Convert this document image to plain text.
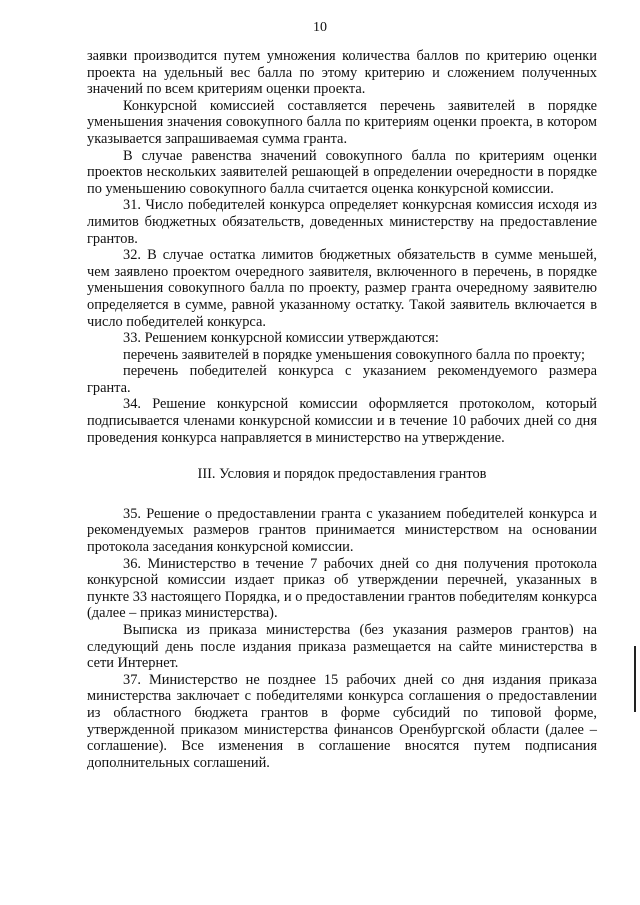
10

заявки производится путем умножения количества баллов по критерию оценки проекта на удельный вес балла по этому критерию и сложением полученных значений по всем критериям оценки проекта.

Конкурсной комиссией составляется перечень заявителей в порядке уменьшения значения совокупного балла по критериям оценки проекта, в котором указывается запрашиваемая сумма гранта.

В случае равенства значений совокупного балла по критериям оценки проектов нескольких заявителей решающей в определении очередности в порядке по уменьшению совокупного балла считается оценка конкурсной комиссии.

31. Число победителей конкурса определяет конкурсная комиссия исходя из лимитов бюджетных обязательств, доведенных министерству на предоставление грантов.

32. В случае остатка лимитов бюджетных обязательств в сумме меньшей, чем заявлено проектом очередного заявителя, включенного в перечень, в порядке уменьшения совокупного балла по проекту, размер гранта очередному заявителю определяется в сумме, равной указанному остатку. Такой заявитель включается в число победителей конкурса.

33. Решением конкурсной комиссии утверждаются:

перечень заявителей в порядке уменьшения совокупного балла по проекту;

перечень победителей конкурса с указанием рекомендуемого размера гранта.

34. Решение конкурсной комиссии оформляется протоколом, который подписывается членами конкурсной комиссии и в течение 10 рабочих дней со дня проведения конкурса направляется в министерство на утверждение.

III. Условия и порядок предоставления грантов

35. Решение о предоставлении гранта с указанием победителей конкурса и рекомендуемых размеров грантов принимается министерством на основании протокола заседания конкурсной комиссии.

36. Министерство в течение 7 рабочих дней со дня получения протокола конкурсной комиссии издает приказ об утверждении перечней, указанных в пункте 33 настоящего Порядка, и о предоставлении грантов победителям конкурса (далее – приказ министерства).

Выписка из приказа министерства (без указания размеров грантов) на следующий день после издания приказа размещается на сайте министерства в сети Интернет.

37. Министерство не позднее 15 рабочих дней со дня издания приказа министерства заключает с победителями конкурса соглашения о предоставлении из областного бюджета грантов в форме субсидий по типовой форме, утвержденной приказом министерства финансов Оренбургской области (далее – соглашение). Все изменения в соглашение вносятся путем подписания дополнительных соглашений.
